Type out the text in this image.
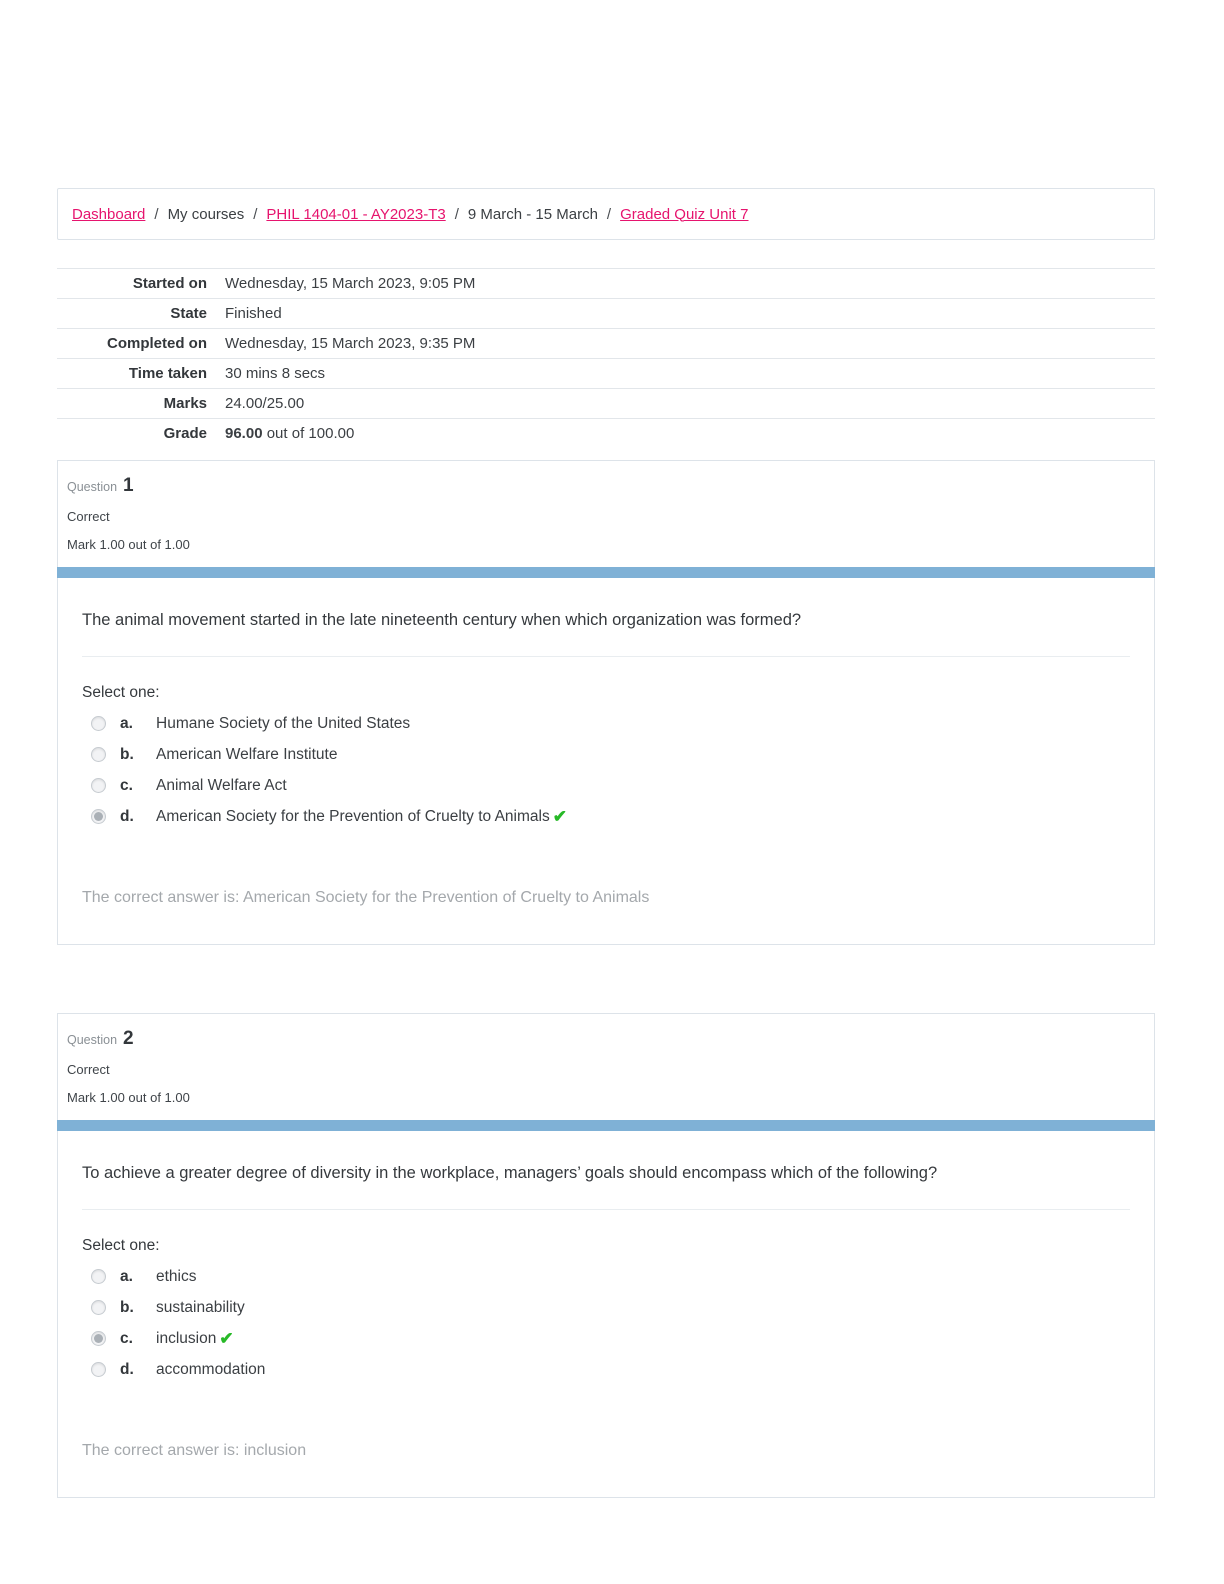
Dashboard / My courses / PHIL 1404-01 - AY2023-T3 / 9 March - 15 March / Graded Quiz Unit 7
Started on	Wednesday, 15 March 2023, 9:05 PM
State	Finished
Completed on	Wednesday, 15 March 2023, 9:35 PM
Time taken	30 mins 8 secs
Marks	24.00/25.00
Grade	96.00 out of 100.00
Question 1
Correct
Mark 1.00 out of 1.00
The animal movement started in the late nineteenth century when which organization was formed?
Select one:
a.	Humane Society of the United States
b.	American Welfare Institute
c.	Animal Welfare Act
d.	American Society for the Prevention of Cruelty to Animals ✔
The correct answer is: American Society for the Prevention of Cruelty to Animals
Question 2
Correct
Mark 1.00 out of 1.00
To achieve a greater degree of diversity in the workplace, managers’ goals should encompass which of the following?
Select one:
a.	ethics
b.	sustainability
c.	inclusion ✔
d.	accommodation
The correct answer is: inclusion
